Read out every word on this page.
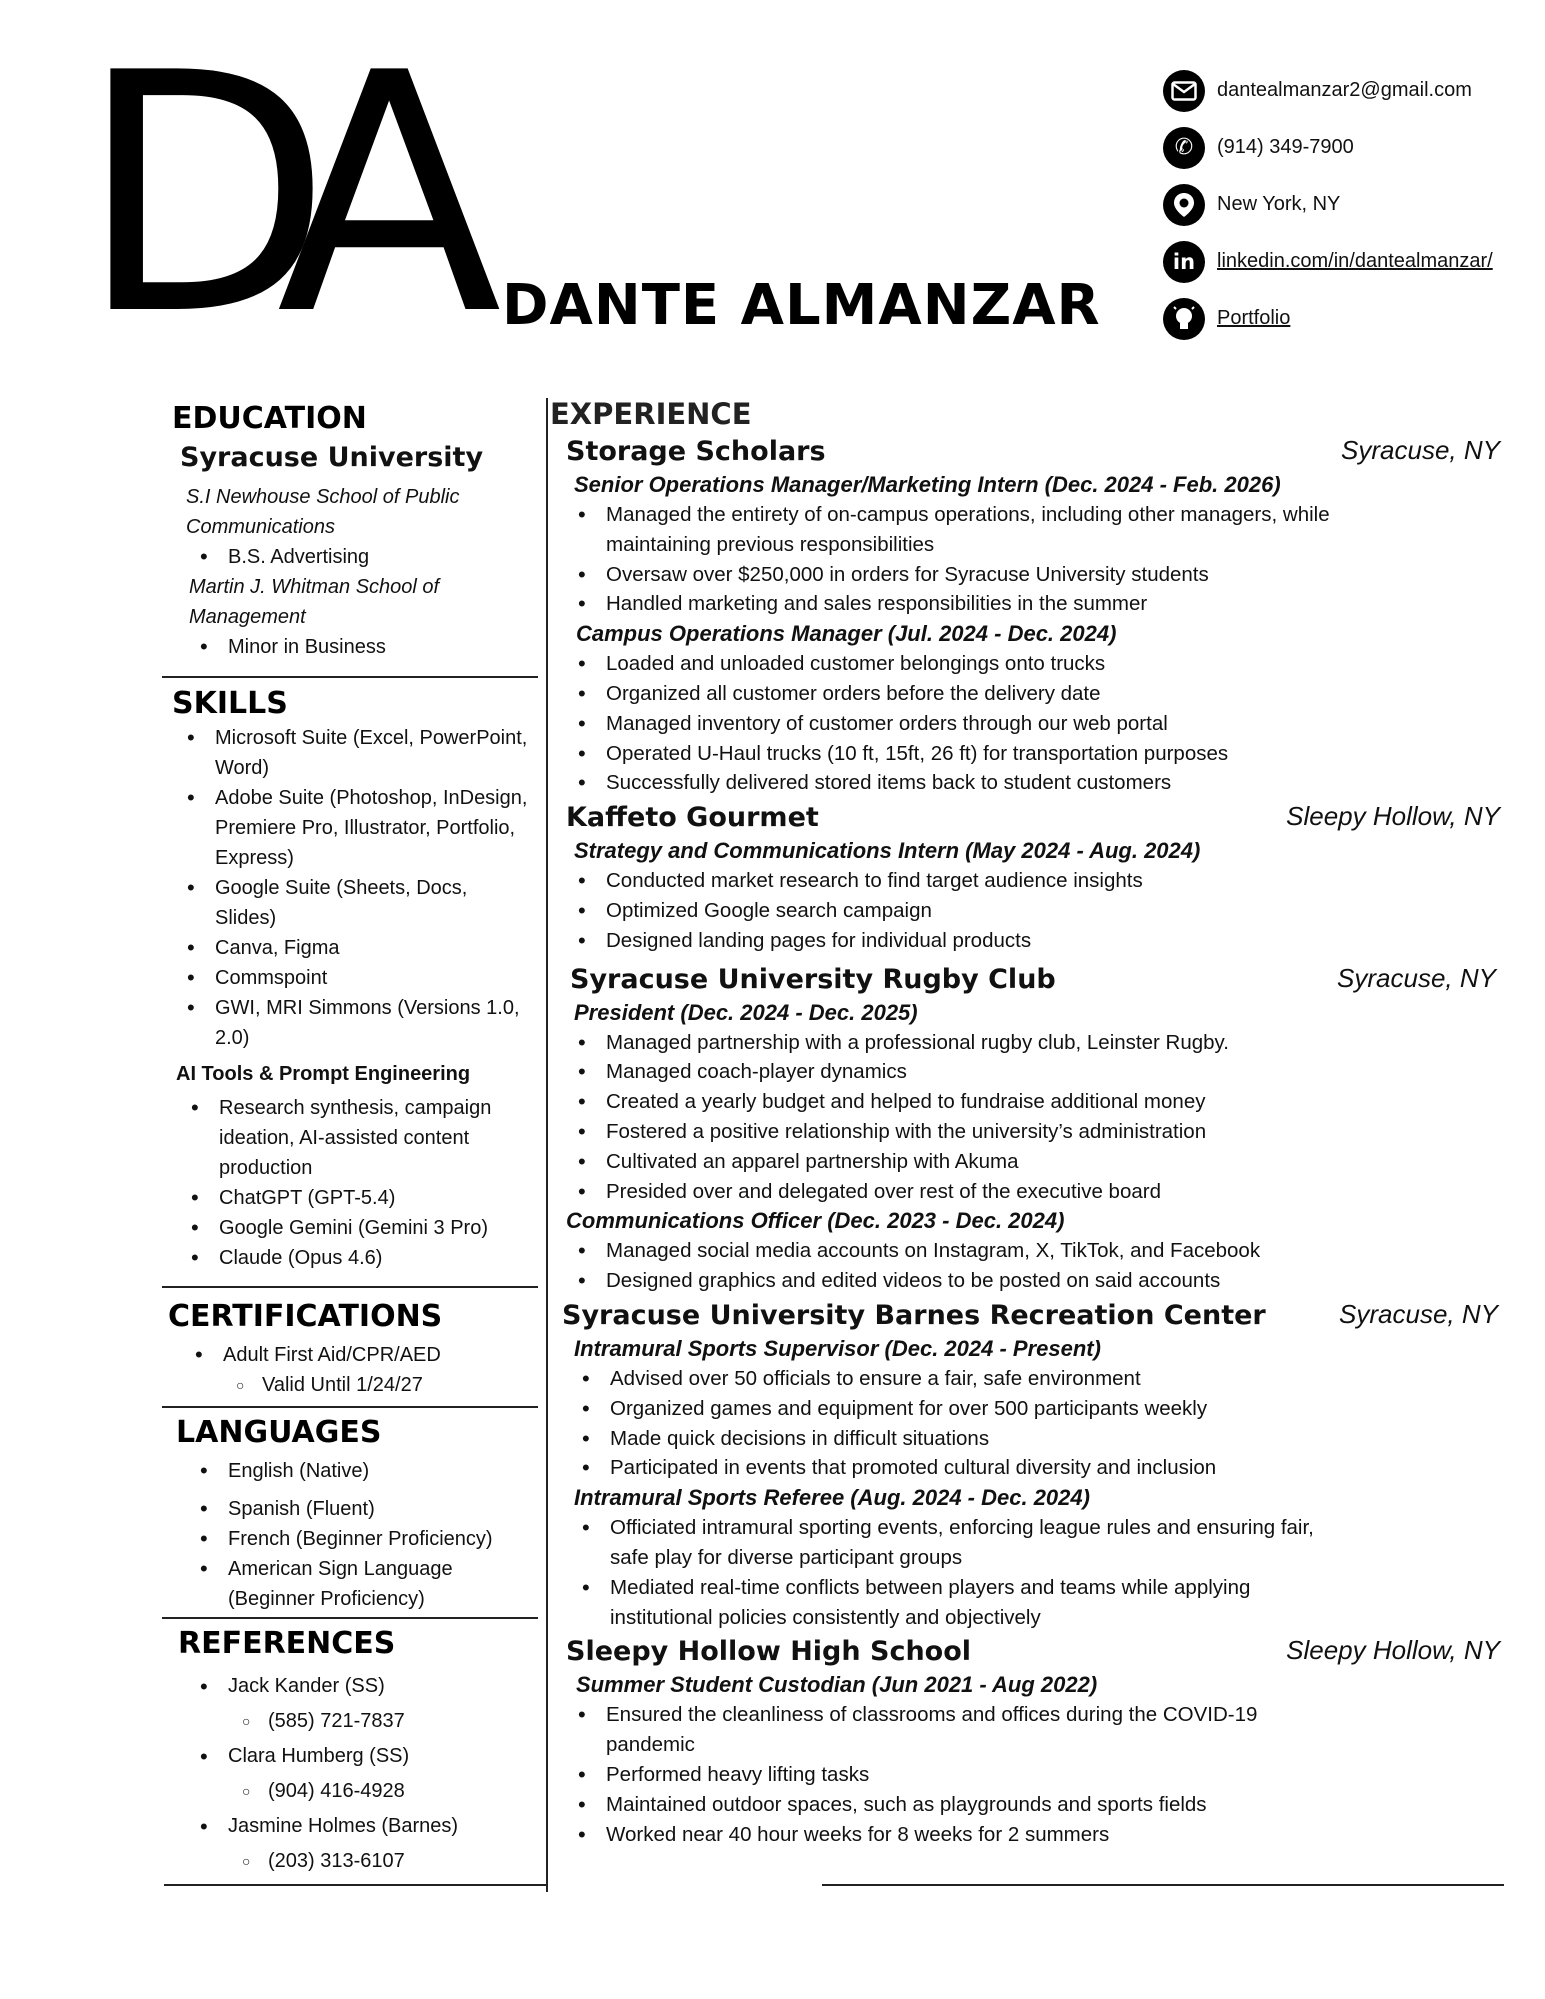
DA DANTE ALMANZAR
dantealmanzar2@gmail.com
✆	(914) 349-7900
New York, NY
in	linkedin.com/in/dantealmanzar/
Portfolio
EDUCATION
Syracuse University
S.I Newhouse School of Public Communications
• B.S. Advertising
Martin J. Whitman School of Management
• Minor in Business
SKILLS
• Microsoft Suite (Excel, PowerPoint, Word)
• Adobe Suite (Photoshop, InDesign, Premiere Pro, Illustrator, Portfolio, Express)
• Google Suite (Sheets, Docs, Slides)
• Canva, Figma
• Commspoint
• GWI, MRI Simmons (Versions 1.0, 2.0)
AI Tools & Prompt Engineering
• Research synthesis, campaign ideation, AI-assisted content production
• ChatGPT (GPT-5.4)
• Google Gemini (Gemini 3 Pro)
• Claude (Opus 4.6)
CERTIFICATIONS
• Adult First Aid/CPR/AED
○ Valid Until 1/24/27
LANGUAGES
• English (Native)
• Spanish (Fluent)
• French (Beginner Proficiency)
• American Sign Language (Beginner Proficiency)
REFERENCES
• Jack Kander (SS)
○ (585) 721-7837
• Clara Humberg (SS)
○ (904) 416-4928
• Jasmine Holmes (Barnes)
○ (203) 313-6107
EXPERIENCE
Storage Scholars	Syracuse, NY
Senior Operations Manager/Marketing Intern (Dec. 2024 - Feb. 2026)
• Managed the entirety of on-campus operations, including other managers, while maintaining previous responsibilities
• Oversaw over $250,000 in orders for Syracuse University students
• Handled marketing and sales responsibilities in the summer
Campus Operations Manager (Jul. 2024 - Dec. 2024)
• Loaded and unloaded customer belongings onto trucks
• Organized all customer orders before the delivery date
• Managed inventory of customer orders through our web portal
• Operated U-Haul trucks (10 ft, 15ft, 26 ft) for transportation purposes
• Successfully delivered stored items back to student customers
Kaffeto Gourmet	Sleepy Hollow, NY
Strategy and Communications Intern (May 2024 - Aug. 2024)
• Conducted market research to find target audience insights
• Optimized Google search campaign
• Designed landing pages for individual products
Syracuse University Rugby Club	Syracuse, NY
President (Dec. 2024 - Dec. 2025)
• Managed partnership with a professional rugby club, Leinster Rugby.
• Managed coach-player dynamics
• Created a yearly budget and helped to fundraise additional money
• Fostered a positive relationship with the university’s administration
• Cultivated an apparel partnership with Akuma
• Presided over and delegated over rest of the executive board
Communications Officer (Dec. 2023 - Dec. 2024)
• Managed social media accounts on Instagram, X, TikTok, and Facebook
• Designed graphics and edited videos to be posted on said accounts
Syracuse University Barnes Recreation Center	Syracuse, NY
Intramural Sports Supervisor (Dec. 2024 - Present)
• Advised over 50 officials to ensure a fair, safe environment
• Organized games and equipment for over 500 participants weekly
• Made quick decisions in difficult situations
• Participated in events that promoted cultural diversity and inclusion
Intramural Sports Referee (Aug. 2024 - Dec. 2024)
• Officiated intramural sporting events, enforcing league rules and ensuring fair, safe play for diverse participant groups
• Mediated real-time conflicts between players and teams while applying institutional policies consistently and objectively
Sleepy Hollow High School	Sleepy Hollow, NY
Summer Student Custodian (Jun 2021 - Aug 2022)
• Ensured the cleanliness of classrooms and offices during the COVID-19 pandemic
• Performed heavy lifting tasks
• Maintained outdoor spaces, such as playgrounds and sports fields
• Worked near 40 hour weeks for 8 weeks for 2 summers
